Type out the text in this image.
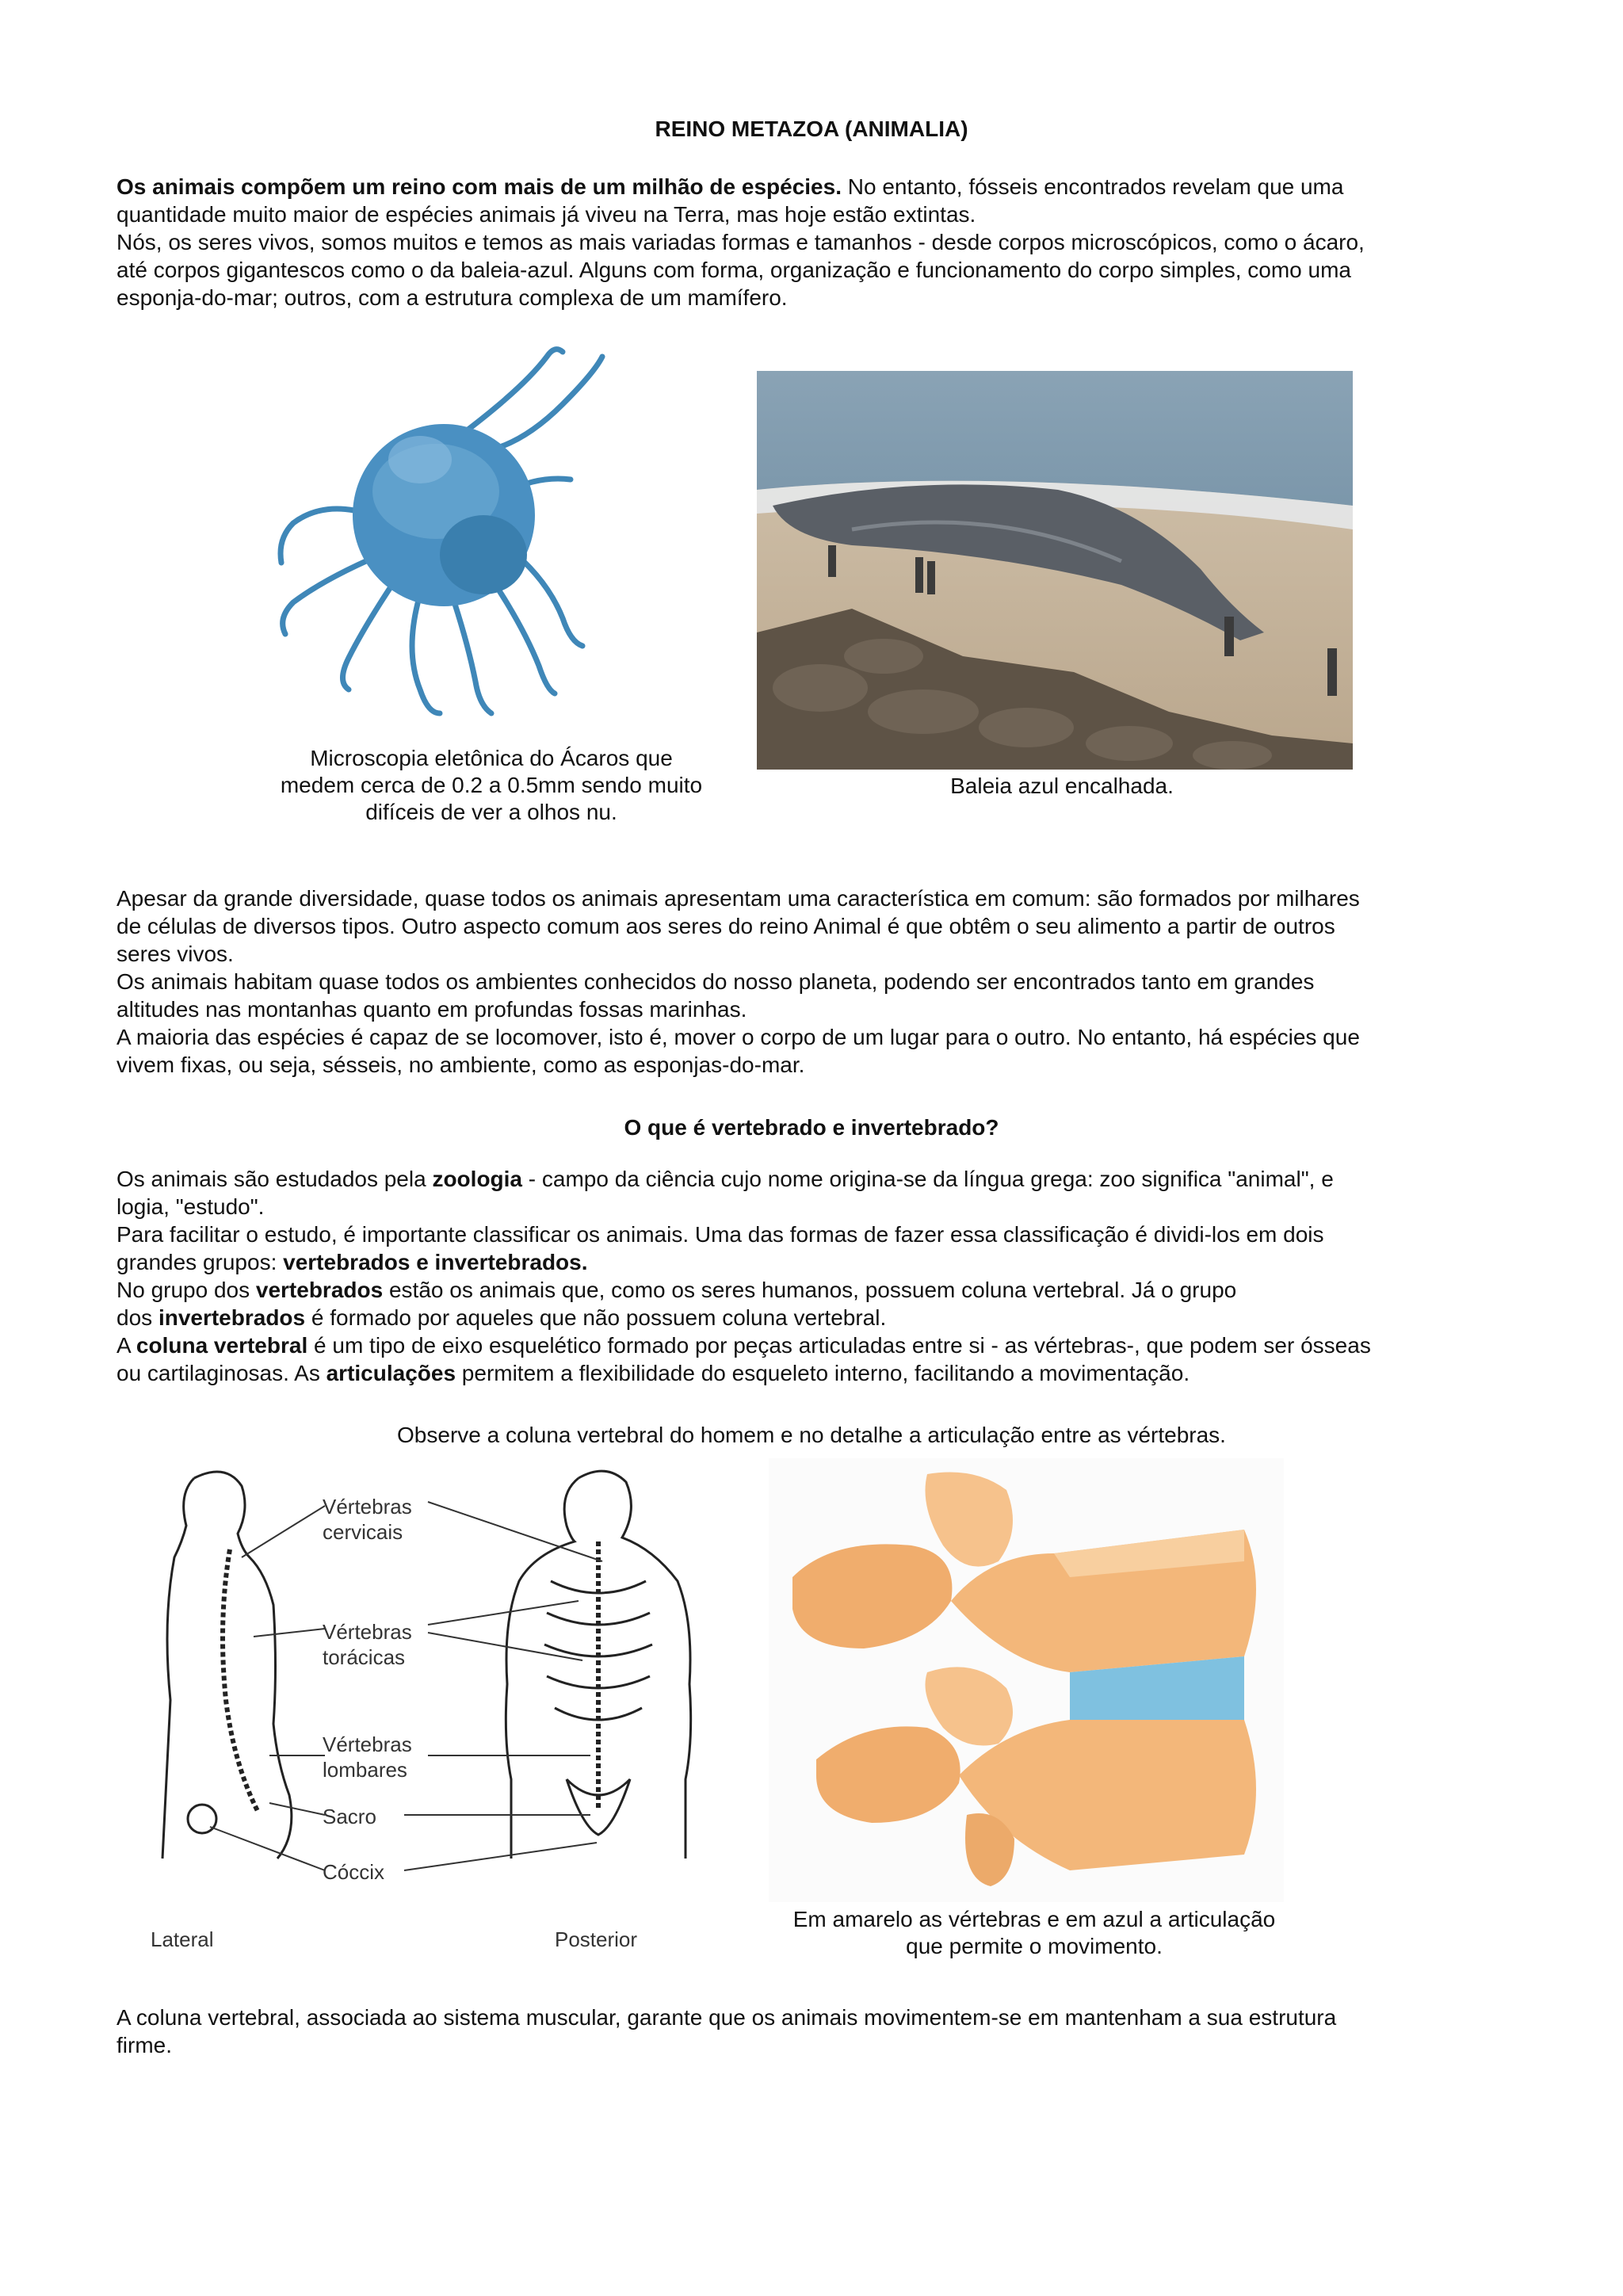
REINO METAZOA (ANIMALIA)

Os animais compõem um reino com mais de um milhão de espécies. No entanto, fósseis encontrados revelam que uma

quantidade muito maior de espécies animais já viveu na Terra, mas hoje estão extintas.

Nós, os seres vivos, somos muitos e temos as mais variadas formas e tamanhos - desde corpos microscópicos, como o ácaro,

até corpos gigantescos como o da baleia-azul. Alguns com forma, organização e funcionamento do corpo simples, como uma

esponja-do-mar; outros, com a estrutura complexa de um mamífero.

Microscopia eletônica do Ácaros que
medem cerca de 0.2 a 0.5mm sendo muito
difíceis de ver a olhos nu.
Baleia azul encalhada.

Apesar da grande diversidade, quase todos os animais apresentam uma característica em comum: são formados por milhares

de células de diversos tipos. Outro aspecto comum aos seres do reino Animal é que obtêm o seu alimento a partir de outros

seres vivos.

Os animais habitam quase todos os ambientes conhecidos do nosso planeta, podendo ser encontrados tanto em grandes

altitudes nas montanhas quanto em profundas fossas marinhas.

A maioria das espécies é capaz de se locomover, isto é, mover o corpo de um lugar para o outro. No entanto, há espécies que

vivem fixas, ou seja, sésseis, no ambiente, como as esponjas-do-mar.

O que é vertebrado e invertebrado?

Os animais são estudados pela zoologia - campo da ciência cujo nome origina-se da língua grega: zoo significa "animal", e

logia, "estudo".

Para facilitar o estudo, é importante classificar os animais. Uma das formas de fazer essa classificação é dividi-los em dois

grandes grupos: vertebrados e invertebrados.

No grupo dos vertebrados estão os animais que, como os seres humanos, possuem coluna vertebral. Já o grupo

dos invertebrados é formado por aqueles que não possuem coluna vertebral.

A coluna vertebral é um tipo de eixo esquelético formado por peças articuladas entre si - as vértebras-, que podem ser ósseas

ou cartilaginosas. As articulações permitem a flexibilidade do esqueleto interno, facilitando a movimentação.

Observe a coluna vertebral do homem e no detalhe a articulação entre as vértebras.
Vértebras
cervicais
Vértebras
torácicas
Vértebras
lombares
Sacro
Cóccix
Lateral	Posterior
Em amarelo as vértebras e em azul a articulação
que permite o movimento.

A coluna vertebral, associada ao sistema muscular, garante que os animais movimentem-se em mantenham a sua estrutura

firme.
